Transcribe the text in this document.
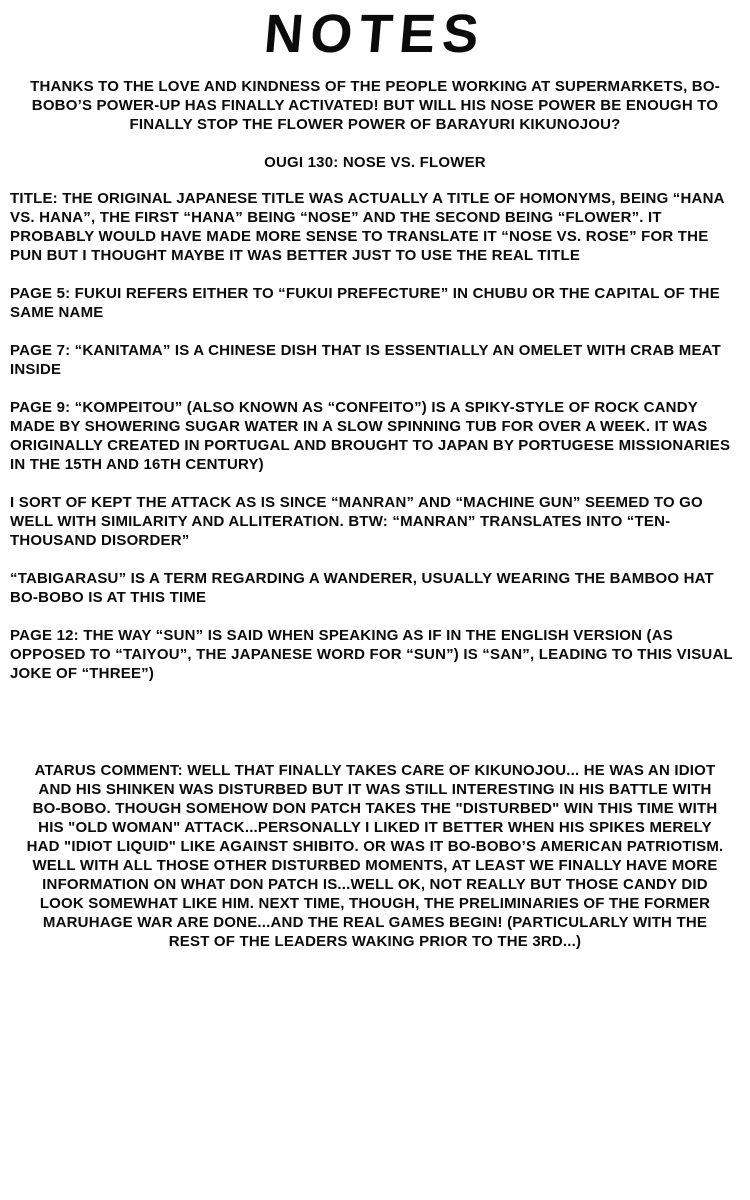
NOTES
THANKS TO THE LOVE AND KINDNESS OF THE PEOPLE WORKING AT SUPERMARKETS, BO-BOBO’S POWER-UP HAS FINALLY ACTIVATED! BUT WILL HIS NOSE POWER BE ENOUGH TO FINALLY STOP THE FLOWER POWER OF BARAYURI KIKUNOJOU?
OUGI 130: NOSE VS. FLOWER

TITLE: THE ORIGINAL JAPANESE TITLE WAS ACTUALLY A TITLE OF HOMONYMS, BEING “HANA VS. HANA”, THE FIRST “HANA” BEING “NOSE” AND THE SECOND BEING “FLOWER”. IT PROBABLY WOULD HAVE MADE MORE SENSE TO TRANSLATE IT “NOSE VS. ROSE” FOR THE PUN BUT I THOUGHT MAYBE IT WAS BETTER JUST TO USE THE REAL TITLE

PAGE 5: FUKUI REFERS EITHER TO “FUKUI PREFECTURE” IN CHUBU OR THE CAPITAL OF THE SAME NAME

PAGE 7: “KANITAMA” IS A CHINESE DISH THAT IS ESSENTIALLY AN OMELET WITH CRAB MEAT INSIDE

PAGE 9: “KOMPEITOU” (ALSO KNOWN AS “CONFEITO”) IS A SPIKY-STYLE OF ROCK CANDY MADE BY SHOWERING SUGAR WATER IN A SLOW SPINNING TUB FOR OVER A WEEK. IT WAS ORIGINALLY CREATED IN PORTUGAL AND BROUGHT TO JAPAN BY PORTUGESE MISSIONARIES IN THE 15TH AND 16TH CENTURY)

I SORT OF KEPT THE ATTACK AS IS SINCE “MANRAN” AND “MACHINE GUN” SEEMED TO GO WELL WITH SIMILARITY AND ALLITERATION. BTW: “MANRAN” TRANSLATES INTO “TEN-THOUSAND DISORDER”

“TABIGARASU” IS A TERM REGARDING A WANDERER, USUALLY WEARING THE BAMBOO HAT BO-BOBO IS AT THIS TIME

PAGE 12: THE WAY “SUN” IS SAID WHEN SPEAKING AS IF IN THE ENGLISH VERSION (AS OPPOSED TO “TAIYOU”, THE JAPANESE WORD FOR “SUN”) IS “SAN”, LEADING TO THIS VISUAL JOKE OF “THREE”)

ATARUS COMMENT: WELL THAT FINALLY TAKES CARE OF KIKUNOJOU... HE WAS AN IDIOT AND HIS SHINKEN WAS DISTURBED BUT IT WAS STILL INTERESTING IN HIS BATTLE WITH BO-BOBO. THOUGH SOMEHOW DON PATCH TAKES THE "DISTURBED" WIN THIS TIME WITH HIS "OLD WOMAN" ATTACK...PERSONALLY I LIKED IT BETTER WHEN HIS SPIKES MERELY HAD "IDIOT LIQUID" LIKE AGAINST SHIBITO. OR WAS IT BO-BOBO’S AMERICAN PATRIOTISM. WELL WITH ALL THOSE OTHER DISTURBED MOMENTS, AT LEAST WE FINALLY HAVE MORE INFORMATION ON WHAT DON PATCH IS...WELL OK, NOT REALLY BUT THOSE CANDY DID LOOK SOMEWHAT LIKE HIM. NEXT TIME, THOUGH, THE PRELIMINARIES OF THE FORMER MARUHAGE WAR ARE DONE...AND THE REAL GAMES BEGIN! (PARTICULARLY WITH THE REST OF THE LEADERS WAKING PRIOR TO THE 3RD...)
